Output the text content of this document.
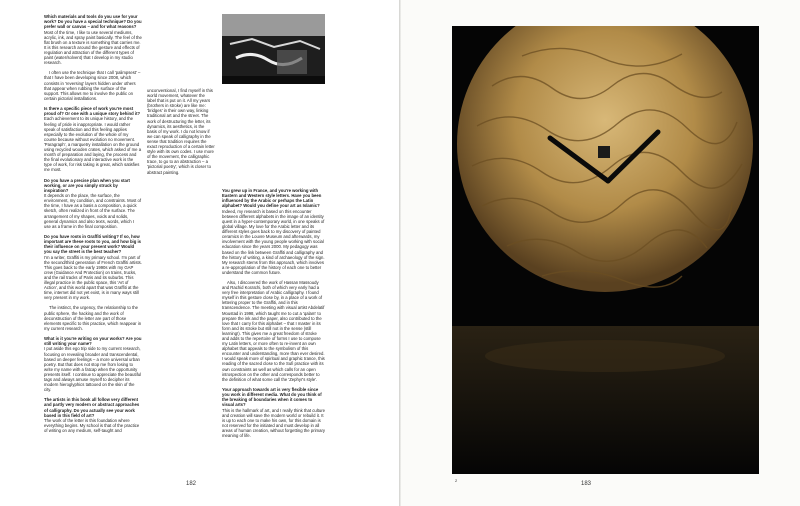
Which materials and tools do you use for your work? Do you have a special technique? Do you prefer wall or canvas – and for what reasons?
Most of the time, I like to use several mediums, acrylic, ink, and spray paint basically. The feel of the flat brush on a texture is something that carries me. It is this research around the gesture and effects of regulation and attraction of the different types of paint (water/solvent) that I develop in my studio research.
I often use the technique that I call 'palimpsest' – that I have been developing since 2008, which consists in 'reversing' layers hidden under others that appear when rubbing the surface of the support. This allows me to involve the public on certain pictorial installations.
Is there a specific piece of work you're most proud of? Or one with a unique story behind it?
Each achievement to its unique history, and the feeling of pride is inappropriate. I would rather speak of satisfaction and this feeling applies especially to the evolution of the whole of my course because without evolution no movement. 'Paragraph', a marquetry installation on the ground using recycled wooden crates, which asked of me a month of preparation and laying, the process and the final evolutionary and interactive work is the type of work, for risk taking is great, which satisfies me most.
Do you have a precise plan when you start working, or are you simply struck by inspiration?
It depends on the place, the surface, the environment, my condition, and constraints. Most of the time, I have as a basis a composition, a quick sketch, often realized in front of the surface. The arrangement of my shapes, voids and solids, general dynamics and also texts, words, which I use as a frame in the final composition.
Do you have roots in Graffiti writing? If so, how important are these roots to you, and how big is their influence on your present work? Would you say the street is the best teacher?
I'm a writer, Graffiti is my primary school. I'm part of the second/third generation of French Graffiti artists. This goes back to the early 1990s with my GAP crew (Guidance And Protection) on trains, trucks, and the rail tracks of Paris and its suburbs. This illegal practice in the public space, this 'Art of Action', and this world apart that was Graffiti at the time, internet did not yet exist, is in many ways still very present in my work.
The instinct, the urgency, the relationship to the public sphere, the hacking and the work of deconstruction of the letter are part of those elements specific to this practice, which reappear in my current research.
What is it you're writing on your works? Are you still writing your name?
I put aside this ego trip side to my current research, focusing on revealing broader and transcendental, based on deeper feelings – a more universal urban poetry. But that does not stop me from losing to write my name with a fatcap when the opportunity presents itself. I continue to appreciate the beautiful tags and always amuse myself to decipher its modern hieroglyphics tattooed on the skin of the city.
The artists in this book all follow very different and partly very modern or abstract approaches of calligraphy. Do you actually see your work based in this field of art?
The work of the letter is this foundation where everything begins. My school is that of the practice of writing on any medium, self-taught and
unconventional, I find myself in this world movement, whatever the label that is put on it. All my years (brothers in stroke) are like me: 'bridges' in their own way, linking traditional art and the street. The work of destructuring the letter, its dynamics, its aesthetics, is the basis of my work. I do not know if we can speak of calligraphy in the sense that tradition requires the exact reproduction of a certain letter style with its own codes. I use more of the movement, the calligraphic trace, to go to an abstraction – a 'pictorial poetry', which is closer to abstract painting.
You grew up in France, and you're working with Eastern and Western style letters. Have you been influenced by the Arabic or perhaps the Latin alphabet? Would you define your art as Islamic?
Indeed, my research is based on this encounter between different alphabets in the image of an identity quest in a hyper-contemporary world, in one speaks of global village. My love for the Arabic letter and its different styles goes back to my discovery of painted ceramics in the Louvre Museum and afterwards, my involvement with the young people working with social education since the years 2000. My pedagogy was based on the link between Graffiti and calligraphy and the history of writing, a kind of archaeology of the sign. My research stems from this approach, which involves a re-appropriation of the history of each one to better understand the common future.
Also, I discovered the work of Hassan Massoudy and Rachid Koraïchi, both of which very early had a very free interpretation of Arabic calligraphy. I found myself in this gesture close by, in a place of a work of lettering proper to the Graffiti, and in this transcendence. The meeting with visual artist Abdelatif Moustad in 1998, which taught me to cut a 'qalam' to prepare the ink and the paper, also contributed to the love that I carry for this alphabet – that I master in its form and its stroke but still not in the sense (still learning!). This gives me a great freedom of stroke and adds to the repertoire of forms I use to compose my Latin letters, or more often to re-invent an own alphabet that appeals to the symbolism of this encounter and understanding, more than ever desired. I would speak more of spiritual and graphic trance, this reading of the sacred close to the Sufi practice with its own constraints as well as which calls for an open introspection on the other and corresponds better to the definition of what some call the 'Zephyr's style'.
Your approach towards art is very flexible since you work in different media. What do you think of the breaking of boundaries when it comes to visual arts?
This is the hallmark of art, and I really think that culture and creation will save the modern world or rebuild it. It is up to each one to make his own, for this domain is not reserved for the initiated and must develop in all areas of human creation, without forgetting the primary meaning of life.
182
2
183
